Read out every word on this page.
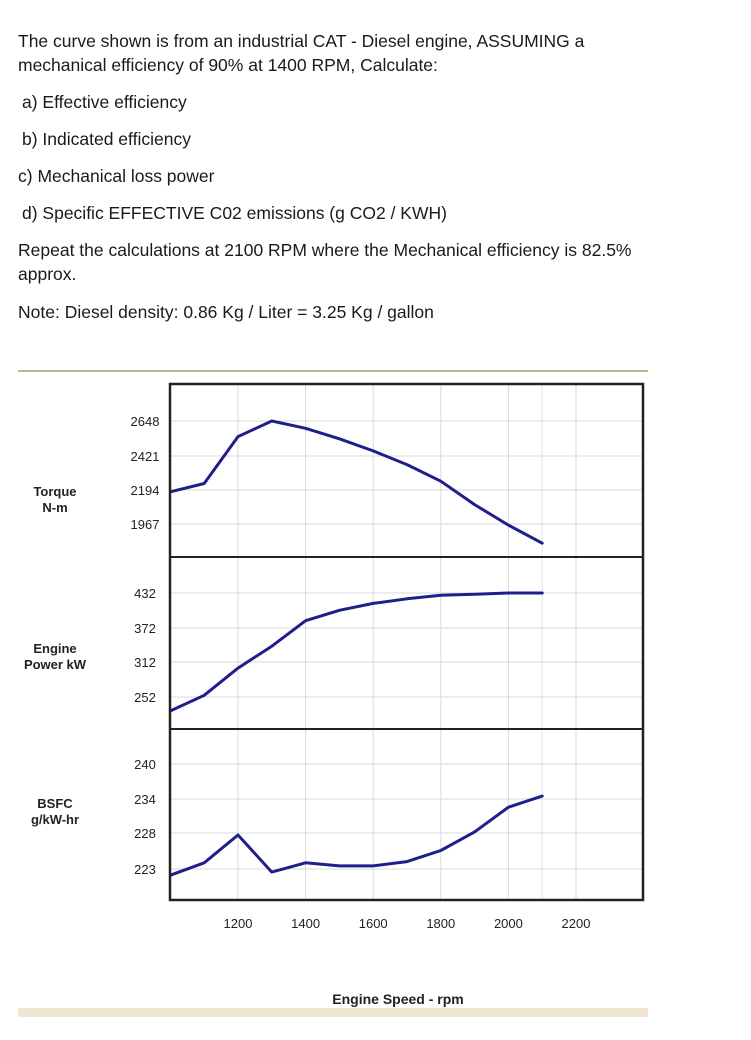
The curve shown is from an industrial CAT - Diesel engine, ASSUMING a

mechanical efficiency of 90% at 1400 RPM, Calculate:

a) Effective efficiency

b) Indicated efficiency

c) Mechanical loss power

d) Specific EFFECTIVE C02 emissions (g CO2 / KWH)

Repeat the calculations at 2100 RPM where the Mechanical efficiency is 82.5%

approx.

Note: Diesel density: 0.86 Kg / Liter = 3.25 Kg / gallon

2648
2421
2194
1967
Torque
N-m
432
372
312
252
Engine
Power kW
240
234
228
223
BSFC
g/kW-hr
1200	1400	1600	1800	2000	2200
Engine Speed - rpm
